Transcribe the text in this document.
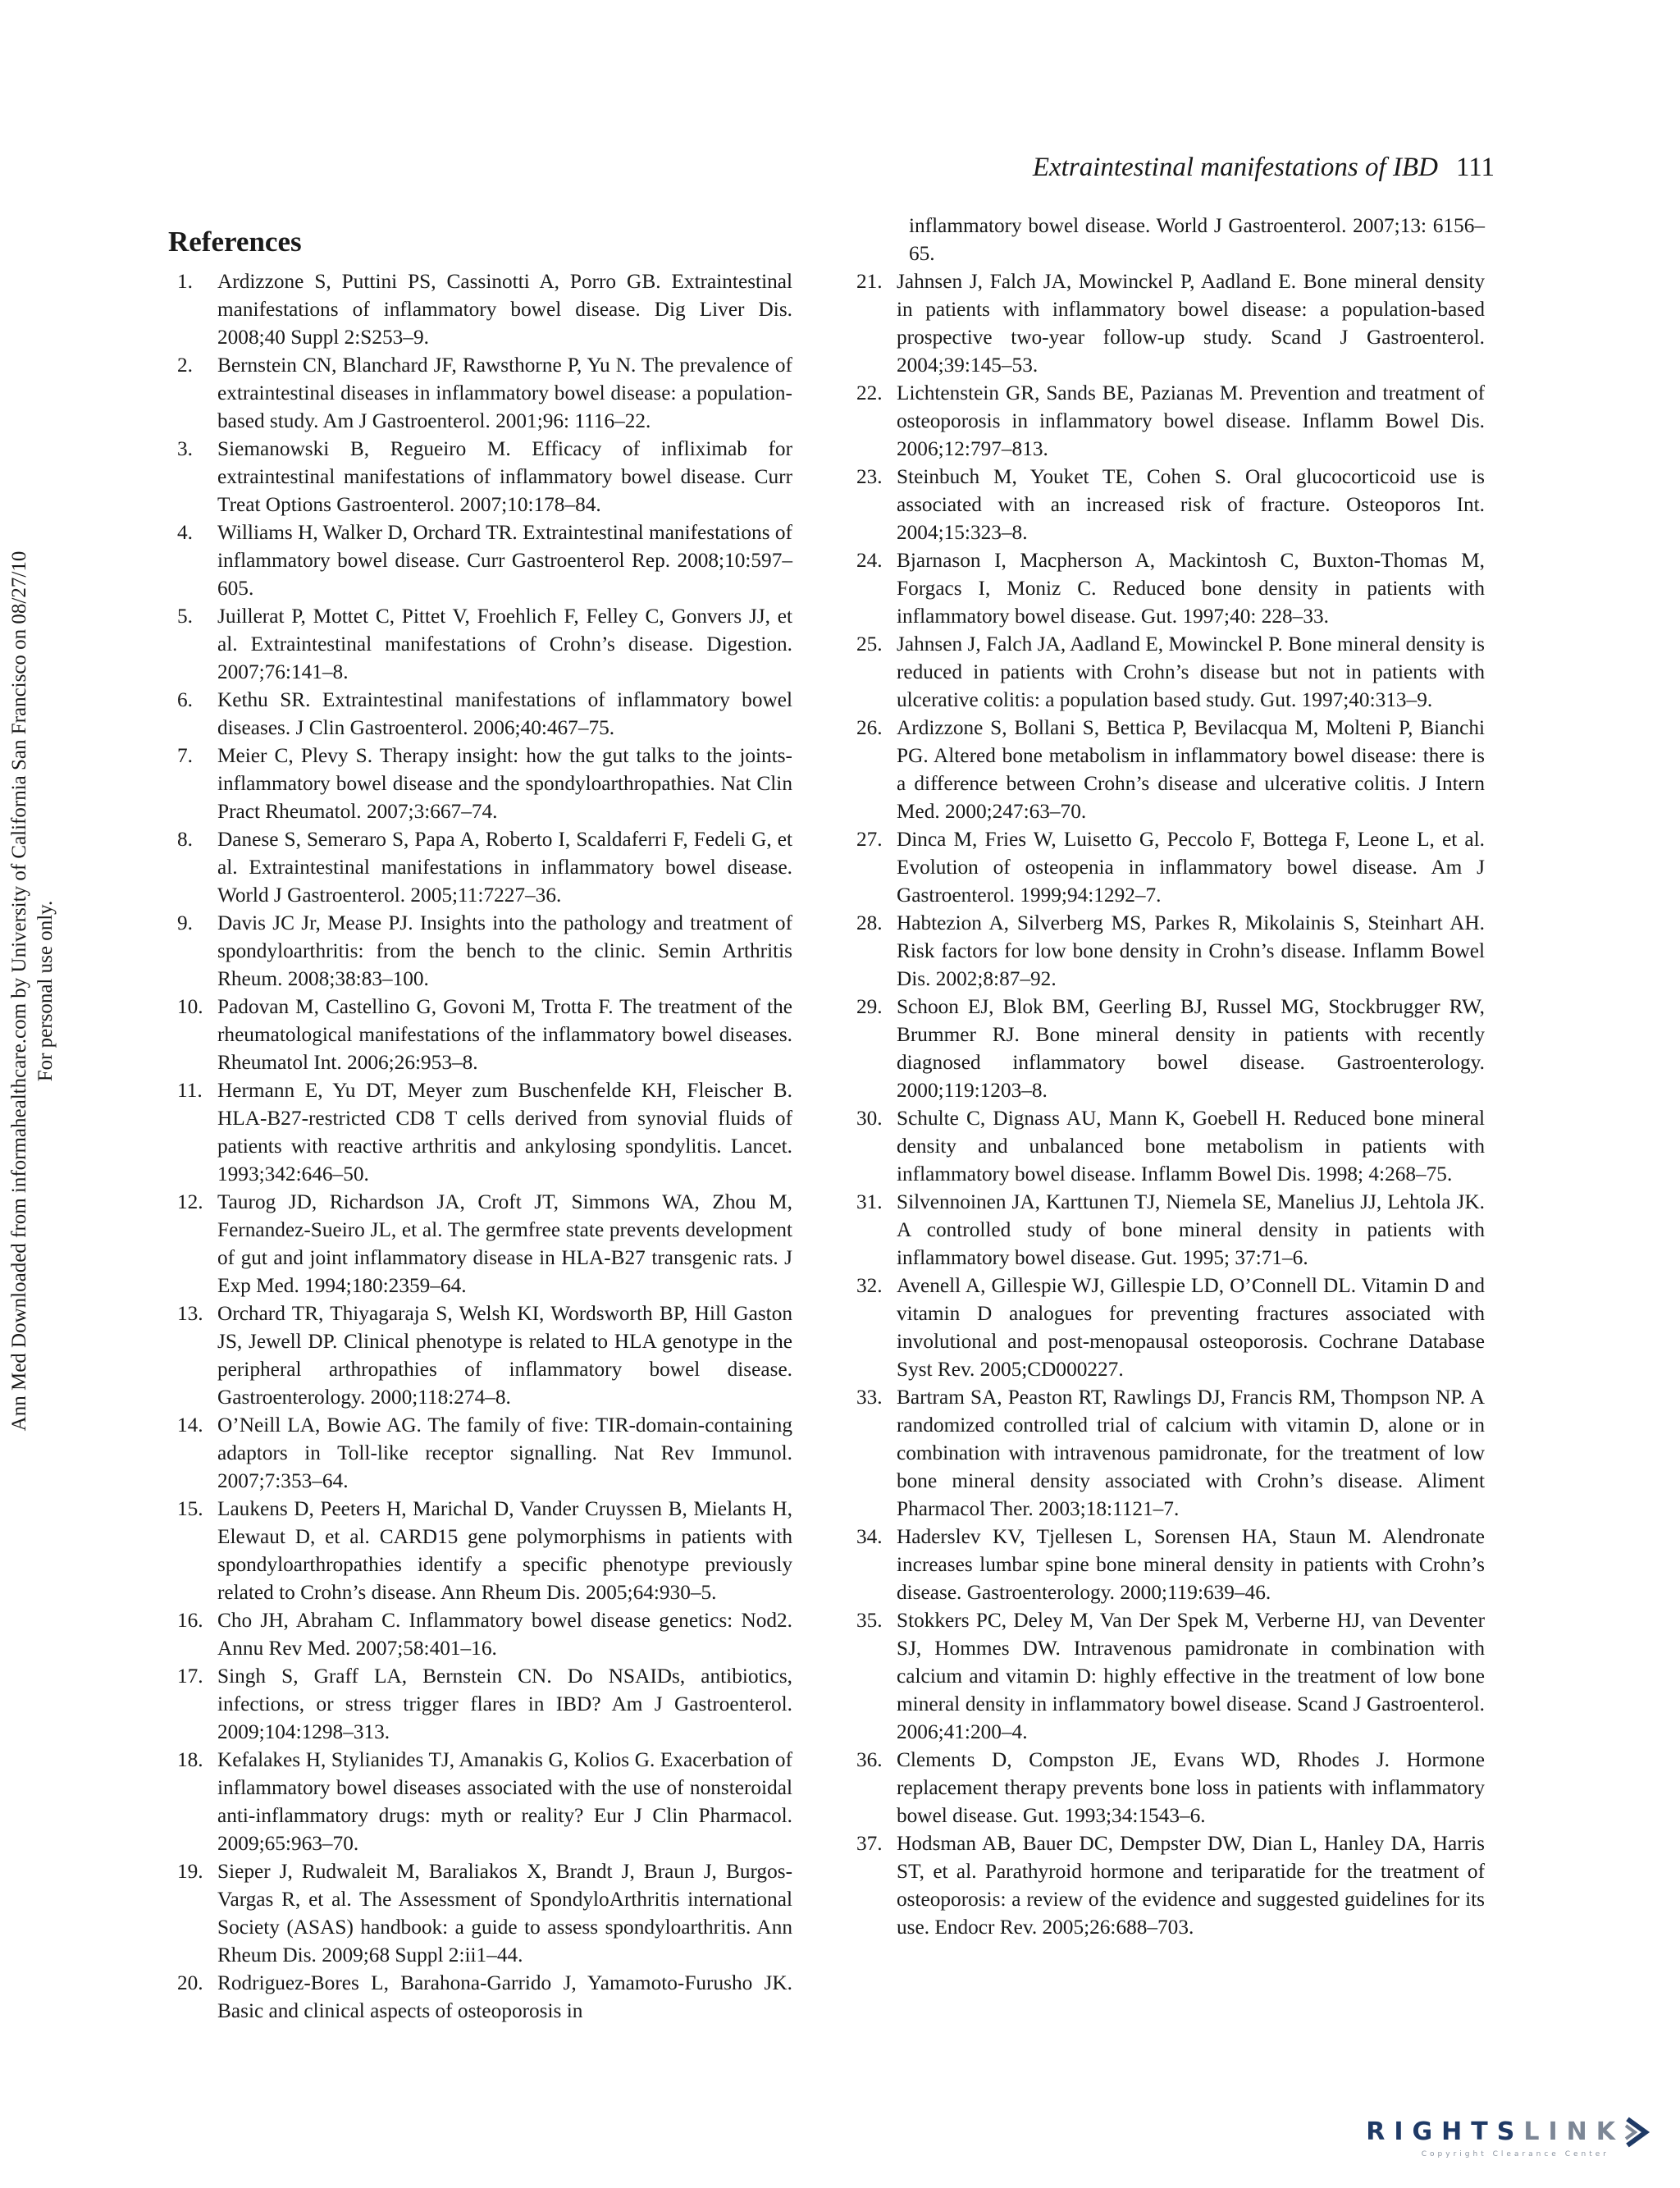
Extraintestinal manifestations of IBD 111
References
1.	Ardizzone S, Puttini PS, Cassinotti A, Porro GB. Extraintestinal manifestations of inflammatory bowel disease. Dig Liver Dis. 2008;40 Suppl 2:S253–9.
2.	Bernstein CN, Blanchard JF, Rawsthorne P, Yu N. The prevalence of extraintestinal diseases in inflammatory bowel disease: a population-based study. Am J Gastroenterol. 2001;96: 1116–22.
3.	Siemanowski B, Regueiro M. Efficacy of infliximab for extraintestinal manifestations of inflammatory bowel disease. Curr Treat Options Gastroenterol. 2007;10:178–84.
4.	Williams H, Walker D, Orchard TR. Extraintestinal manifestations of inflammatory bowel disease. Curr Gastroenterol Rep. 2008;10:597–605.
5.	Juillerat P, Mottet C, Pittet V, Froehlich F, Felley C, Gonvers JJ, et al. Extraintestinal manifestations of Crohn’s disease. Digestion. 2007;76:141–8.
6.	Kethu SR. Extraintestinal manifestations of inflammatory bowel diseases. J Clin Gastroenterol. 2006;40:467–75.
7.	Meier C, Plevy S. Therapy insight: how the gut talks to the joints-inflammatory bowel disease and the spondyloarthropathies. Nat Clin Pract Rheumatol. 2007;3:667–74.
8.	Danese S, Semeraro S, Papa A, Roberto I, Scaldaferri F, Fedeli G, et al. Extraintestinal manifestations in inflammatory bowel disease. World J Gastroenterol. 2005;11:7227–36.
9.	Davis JC Jr, Mease PJ. Insights into the pathology and treatment of spondyloarthritis: from the bench to the clinic. Semin Arthritis Rheum. 2008;38:83–100.
10. Padovan M, Castellino G, Govoni M, Trotta F. The treatment of the rheumatological manifestations of the inflammatory bowel diseases. Rheumatol Int. 2006;26:953–8.
11. Hermann E, Yu DT, Meyer zum Buschenfelde KH, Fleischer B. HLA-B27-restricted CD8 T cells derived from synovial fluids of patients with reactive arthritis and ankylosing spondylitis. Lancet. 1993;342:646–50.
12. Taurog JD, Richardson JA, Croft JT, Simmons WA, Zhou M, Fernandez-Sueiro JL, et al. The germfree state prevents development of gut and joint inflammatory disease in HLA-B27 transgenic rats. J Exp Med. 1994;180:2359–64.
13. Orchard TR, Thiyagaraja S, Welsh KI, Wordsworth BP, Hill Gaston JS, Jewell DP. Clinical phenotype is related to HLA genotype in the peripheral arthropathies of inflammatory bowel disease. Gastroenterology. 2000;118:274–8.
14. O’Neill LA, Bowie AG. The family of five: TIR-domain-containing adaptors in Toll-like receptor signalling. Nat Rev Immunol. 2007;7:353–64.
15. Laukens D, Peeters H, Marichal D, Vander Cruyssen B, Mielants H, Elewaut D, et al. CARD15 gene polymorphisms in patients with spondyloarthropathies identify a specific phenotype previously related to Crohn’s disease. Ann Rheum Dis. 2005;64:930–5.
16. Cho JH, Abraham C. Inflammatory bowel disease genetics: Nod2. Annu Rev Med. 2007;58:401–16.
17. Singh S, Graff LA, Bernstein CN. Do NSAIDs, antibiotics, infections, or stress trigger flares in IBD? Am J Gastroenterol. 2009;104:1298–313.
18. Kefalakes H, Stylianides TJ, Amanakis G, Kolios G. Exacerbation of inflammatory bowel diseases associated with the use of nonsteroidal anti-inflammatory drugs: myth or reality? Eur J Clin Pharmacol. 2009;65:963–70.
19. Sieper J, Rudwaleit M, Baraliakos X, Brandt J, Braun J, Burgos-Vargas R, et al. The Assessment of SpondyloArthritis international Society (ASAS) handbook: a guide to assess spondyloarthritis. Ann Rheum Dis. 2009;68 Suppl 2:ii1–44.
20. Rodriguez-Bores L, Barahona-Garrido J, Yamamoto-Furusho JK. Basic and clinical aspects of osteoporosis in
inflammatory bowel disease. World J Gastroenterol. 2007;13: 6156–65.
21. Jahnsen J, Falch JA, Mowinckel P, Aadland E. Bone mineral density in patients with inflammatory bowel disease: a population-based prospective two-year follow-up study. Scand J Gastroenterol. 2004;39:145–53.
22. Lichtenstein GR, Sands BE, Pazianas M. Prevention and treatment of osteoporosis in inflammatory bowel disease. Inflamm Bowel Dis. 2006;12:797–813.
23. Steinbuch M, Youket TE, Cohen S. Oral glucocorticoid use is associated with an increased risk of fracture. Osteoporos Int. 2004;15:323–8.
24. Bjarnason I, Macpherson A, Mackintosh C, Buxton-Thomas M, Forgacs I, Moniz C. Reduced bone density in patients with inflammatory bowel disease. Gut. 1997;40: 228–33.
25. Jahnsen J, Falch JA, Aadland E, Mowinckel P. Bone mineral density is reduced in patients with Crohn’s disease but not in patients with ulcerative colitis: a population based study. Gut. 1997;40:313–9.
26. Ardizzone S, Bollani S, Bettica P, Bevilacqua M, Molteni P, Bianchi PG. Altered bone metabolism in inflammatory bowel disease: there is a difference between Crohn’s disease and ulcerative colitis. J Intern Med. 2000;247:63–70.
27. Dinca M, Fries W, Luisetto G, Peccolo F, Bottega F, Leone L, et al. Evolution of osteopenia in inflammatory bowel disease. Am J Gastroenterol. 1999;94:1292–7.
28. Habtezion A, Silverberg MS, Parkes R, Mikolainis S, Steinhart AH. Risk factors for low bone density in Crohn’s disease. Inflamm Bowel Dis. 2002;8:87–92.
29. Schoon EJ, Blok BM, Geerling BJ, Russel MG, Stockbrugger RW, Brummer RJ. Bone mineral density in patients with recently diagnosed inflammatory bowel disease. Gastroenterology. 2000;119:1203–8.
30. Schulte C, Dignass AU, Mann K, Goebell H. Reduced bone mineral density and unbalanced bone metabolism in patients with inflammatory bowel disease. Inflamm Bowel Dis. 1998; 4:268–75.
31. Silvennoinen JA, Karttunen TJ, Niemela SE, Manelius JJ, Lehtola JK. A controlled study of bone mineral density in patients with inflammatory bowel disease. Gut. 1995; 37:71–6.
32. Avenell A, Gillespie WJ, Gillespie LD, O’Connell DL. Vitamin D and vitamin D analogues for preventing fractures associated with involutional and post-menopausal osteoporosis. Cochrane Database Syst Rev. 2005;CD000227.
33. Bartram SA, Peaston RT, Rawlings DJ, Francis RM, Thompson NP. A randomized controlled trial of calcium with vitamin D, alone or in combination with intravenous pamidronate, for the treatment of low bone mineral density associated with Crohn’s disease. Aliment Pharmacol Ther. 2003;18:1121–7.
34. Haderslev KV, Tjellesen L, Sorensen HA, Staun M. Alendronate increases lumbar spine bone mineral density in patients with Crohn’s disease. Gastroenterology. 2000;119:639–46.
35. Stokkers PC, Deley M, Van Der Spek M, Verberne HJ, van Deventer SJ, Hommes DW. Intravenous pamidronate in combination with calcium and vitamin D: highly effective in the treatment of low bone mineral density in inflammatory bowel disease. Scand J Gastroenterol. 2006;41:200–4.
36. Clements D, Compston JE, Evans WD, Rhodes J. Hormone replacement therapy prevents bone loss in patients with inflammatory bowel disease. Gut. 1993;34:1543–6.
37. Hodsman AB, Bauer DC, Dempster DW, Dian L, Hanley DA, Harris ST, et al. Parathyroid hormone and teriparatide for the treatment of osteoporosis: a review of the evidence and suggested guidelines for its use. Endocr Rev. 2005;26:688–703.
Ann Med Downloaded from informahealthcare.com by University of California San Francisco on 08/27/10 For personal use only.
RIGHTSLINK
Copyright Clearance Center
